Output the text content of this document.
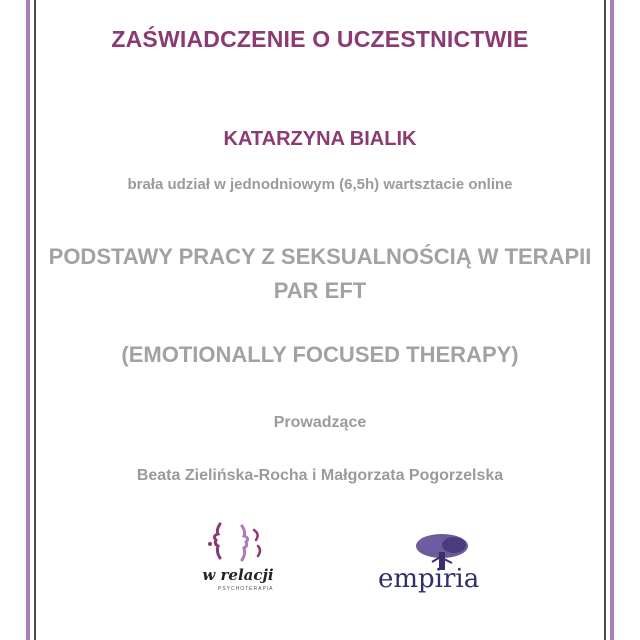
ZAŚWIADCZENIE O UCZESTNICTWIE

KATARZYNA BIALIK

brała udział w jednodniowym (6,5h) wartsztacie online

PODSTAWY PRACY Z SEKSUALNOŚCIĄ W TERAPII PAR EFT

(EMOTIONALLY FOCUSED THERAPY)

Prowadzące

Beata Zielińska-Rocha i Małgorzata Pogorzelska

w relacji
PSYCHOTERAPIA	empiria
